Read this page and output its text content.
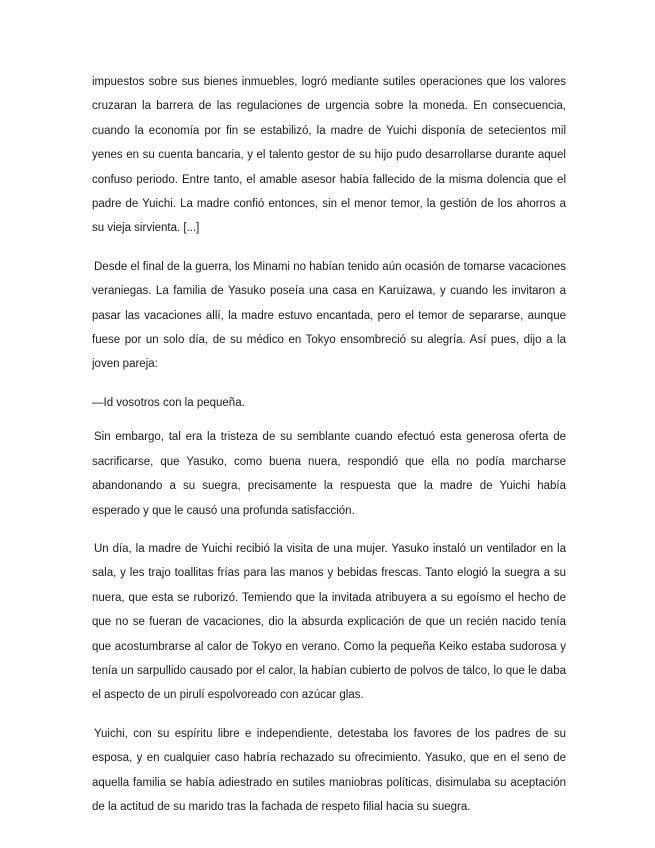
impuestos sobre sus bienes inmuebles, logró mediante sutiles operaciones que los valores cruzaran la barrera de las regulaciones de urgencia sobre la moneda. En consecuencia, cuando la economía por fin se estabilizó, la madre de Yuichi disponía de setecientos mil yenes en su cuenta bancaria, y el talento gestor de su hijo pudo desarrollarse durante aquel confuso periodo. Entre tanto, el amable asesor había fallecido de la misma dolencia que el padre de Yuichi. La madre confió entonces, sin el menor temor, la gestión de los ahorros a su vieja sirvienta. [...]

Desde el final de la guerra, los Minami no habían tenido aún ocasión de tomarse vacaciones veraniegas. La familia de Yasuko poseía una casa en Karuizawa, y cuando les invitaron a pasar las vacaciones allí, la madre estuvo encantada, pero el temor de separarse, aunque fuese por un solo día, de su médico en Tokyo ensombreció su alegría. Así pues, dijo a la joven pareja:

—Id vosotros con la pequeña.

Sin embargo, tal era la tristeza de su semblante cuando efectuó esta generosa oferta de sacrificarse, que Yasuko, como buena nuera, respondió que ella no podía marcharse abandonando a su suegra, precisamente la respuesta que la madre de Yuichi había esperado y que le causó una profunda satisfacción.

Un día, la madre de Yuichi recibió la visita de una mujer. Yasuko instaló un ventilador en la sala, y les trajo toallitas frías para las manos y bebidas frescas. Tanto elogió la suegra a su nuera, que esta se ruborizó. Temiendo que la invitada atribuyera a su egoísmo el hecho de que no se fueran de vacaciones, dio la absurda explicación de que un recién nacido tenía que acostumbrarse al calor de Tokyo en verano. Como la pequeña Keiko estaba sudorosa y tenía un sarpullido causado por el calor, la habían cubierto de polvos de talco, lo que le daba el aspecto de un pirulí espolvoreado con azúcar glas.

Yuichi, con su espíritu libre e independiente, detestaba los favores de los padres de su esposa, y en cualquier caso habría rechazado su ofrecimiento. Yasuko, que en el seno de aquella familia se había adiestrado en sutiles maniobras políticas, disimulaba su aceptación de la actitud de su marido tras la fachada de respeto filial hacia su suegra.
